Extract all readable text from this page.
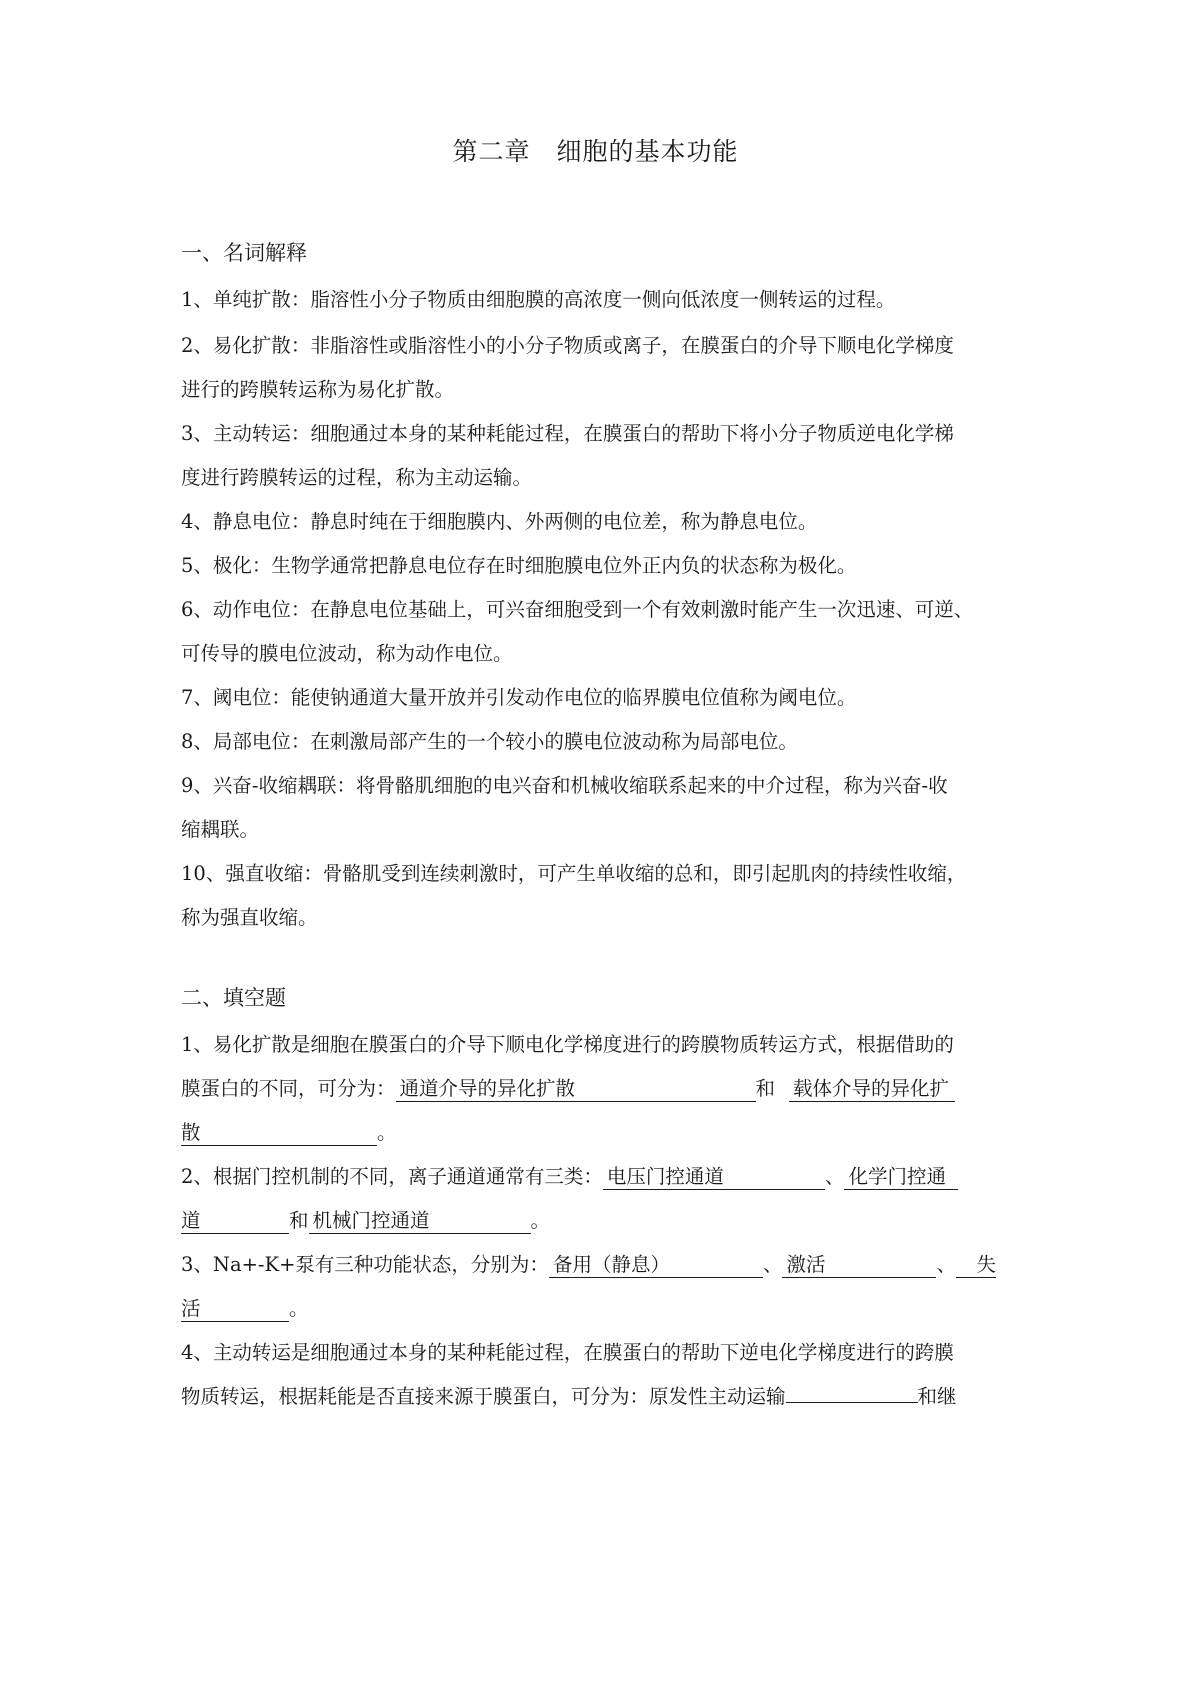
第二章　细胞的基本功能
一、名词解释
1、单纯扩散：脂溶性小分子物质由细胞膜的高浓度一侧向低浓度一侧转运的过程。
2、易化扩散：非脂溶性或脂溶性小的小分子物质或离子，在膜蛋白的介导下顺电化学梯度
进行的跨膜转运称为易化扩散。
3、主动转运：细胞通过本身的某种耗能过程，在膜蛋白的帮助下将小分子物质逆电化学梯
度进行跨膜转运的过程，称为主动运输。
4、静息电位：静息时纯在于细胞膜内、外两侧的电位差，称为静息电位。
5、极化：生物学通常把静息电位存在时细胞膜电位外正内负的状态称为极化。
6、动作电位：在静息电位基础上，可兴奋细胞受到一个有效刺激时能产生一次迅速、可逆、
可传导的膜电位波动，称为动作电位。
7、阈电位：能使钠通道大量开放并引发动作电位的临界膜电位值称为阈电位。
8、局部电位：在刺激局部产生的一个较小的膜电位波动称为局部电位。
9、兴奋-收缩耦联：将骨骼肌细胞的电兴奋和机械收缩联系起来的中介过程，称为兴奋-收
缩耦联。
10、强直收缩：骨骼肌受到连续刺激时，可产生单收缩的总和，即引起肌肉的持续性收缩，
称为强直收缩。
二、填空题
1、易化扩散是细胞在膜蛋白的介导下顺电化学梯度进行的跨膜物质转运方式，根据借助的
膜蛋白的不同，可分为： 通道介导的异化扩散	和 载体介导的异化扩
散	。
2、根据门控机制的不同，离子通道通常有三类： 电压门控通道	、 化学门控通
道	和 机械门控通道	。
3、Na+-K+泵有三种功能状态，分别为： 备用（静息）	、 激活	、 失
活	。
4、主动转运是细胞通过本身的某种耗能过程，在膜蛋白的帮助下逆电化学梯度进行的跨膜
物质转运，根据耗能是否直接来源于膜蛋白，可分为：原发性主动运输	和继
